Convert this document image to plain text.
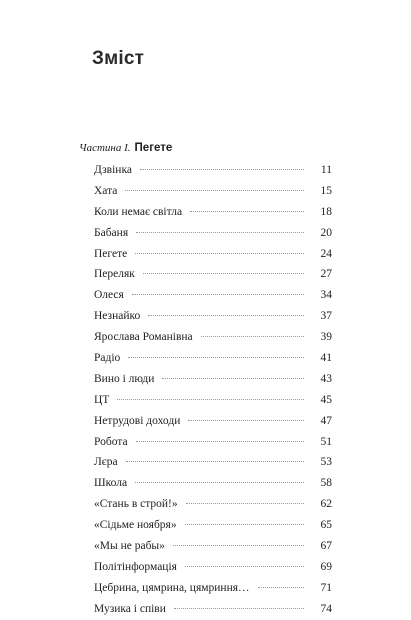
Зміст
Частина І. Пегете
Дзвінка	11
Хата	15
Коли немає світла	18
Бабаня	20
Пегете	24
Переляк	27
Олеся	34
Незнайко	37
Ярослава Романівна	39
Радіо	41
Вино і люди	43
ЦТ	45
Нетрудові доходи	47
Робота	51
Лєра	53
Школа	58
«Стань в строй!»	62
«Сідьме ноября»	65
«Мы не рабы»	67
Політінформація	69
Цебрина, цямрина, цямриння…	71
Музика і співи	74
